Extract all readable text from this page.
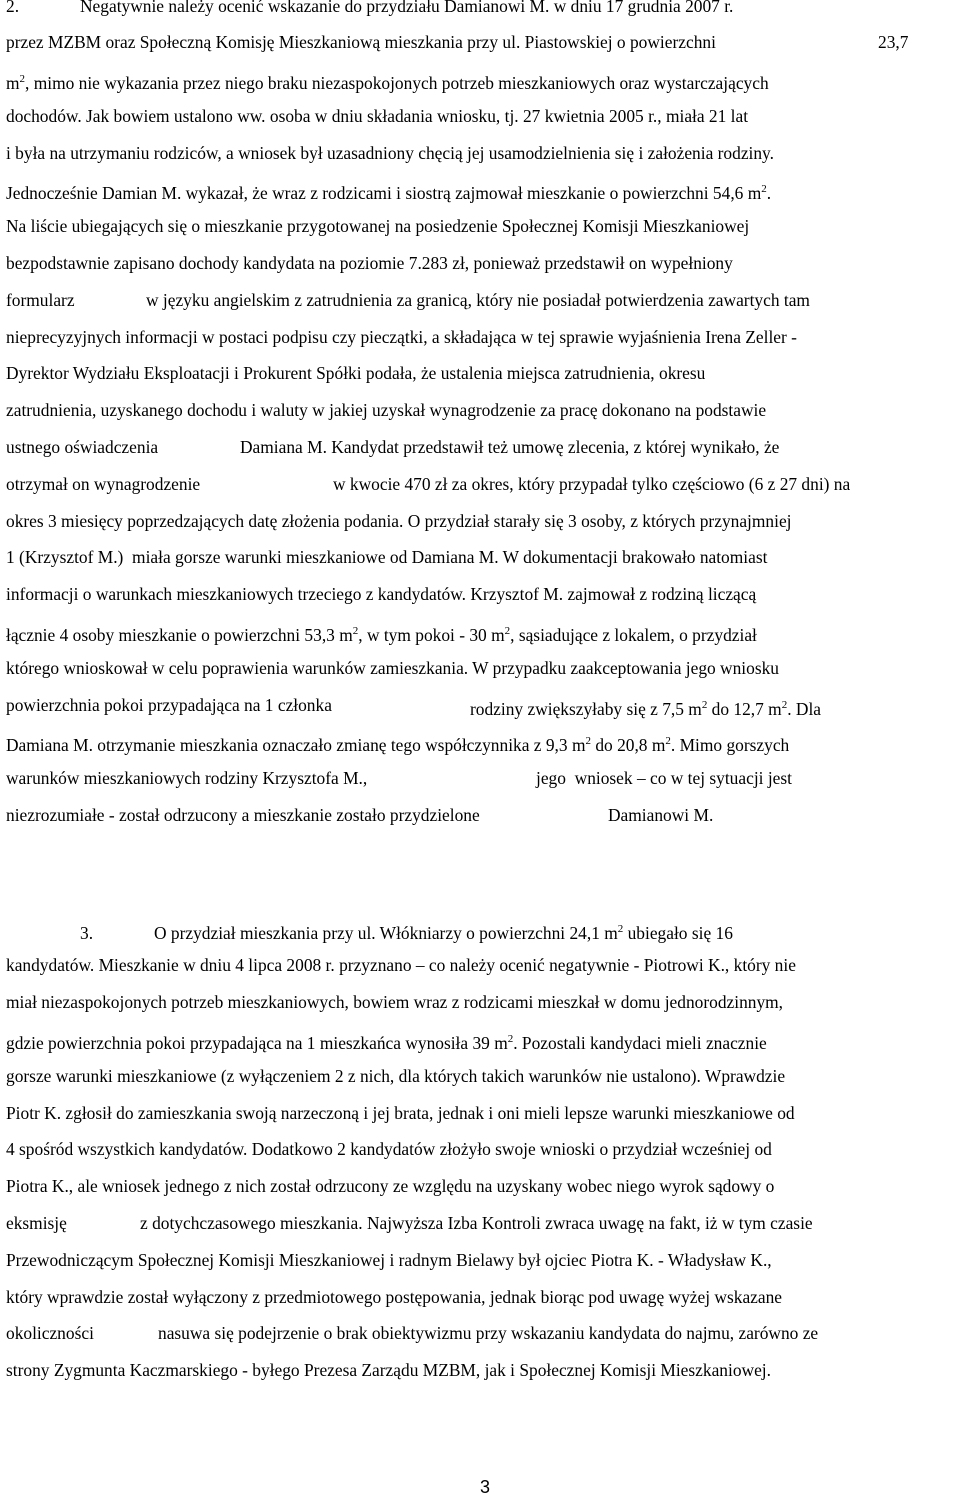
2.	Negatywnie należy ocenić wskazanie do przydziału Damianowi M. w dniu 17 grudnia 2007 r.
przez MZBM oraz Społeczną Komisję Mieszkaniową mieszkania przy ul. Piastowskiej o powierzchni	23,7
$m^2$, mimo nie wykazania przez niego braku niezaspokojonych potrzeb mieszkaniowych oraz wystarczających
dochodów. Jak bowiem ustalono ww. osoba w dniu składania wniosku, tj. 27 kwietnia 2005 r., miała 21 lat
i była na utrzymaniu rodziców, a wniosek był uzasadniony chęcią jej usamodzielnienia się i założenia rodziny.
Jednocześnie Damian M. wykazał, że wraz z rodzicami i siostrą zajmował mieszkanie o powierzchni 54,6 $m^2$.
Na liście ubiegających się o mieszkanie przygotowanej na posiedzenie Społecznej Komisji Mieszkaniowej
bezpodstawnie zapisano dochody kandydata na poziomie 7.283 zł, ponieważ przedstawił on wypełniony
formularz	w języku angielskim z zatrudnienia za granicą, który nie posiadał potwierdzenia zawartych tam
nieprecyzyjnych informacji w postaci podpisu czy pieczątki, a składająca w tej sprawie wyjaśnienia Irena Zeller -
Dyrektor Wydziału Eksploatacji i Prokurent Spółki podała, że ustalenia miejsca zatrudnienia, okresu
zatrudnienia, uzyskanego dochodu i waluty w jakiej uzyskał wynagrodzenie za pracę dokonano na podstawie
ustnego oświadczenia	Damiana M. Kandydat przedstawił też umowę zlecenia, z której wynikało, że
otrzymał on wynagrodzenie	w kwocie 470 zł za okres, który przypadał tylko częściowo (6 z 27 dni) na
okres 3 miesięcy poprzedzających datę złożenia podania. O przydział starały się 3 osoby, z których przynajmniej
1 (Krzysztof M.)  miała gorsze warunki mieszkaniowe od Damiana M. W dokumentacji brakowało natomiast
informacji o warunkach mieszkaniowych trzeciego z kandydatów. Krzysztof M. zajmował z rodziną liczącą
łącznie 4 osoby mieszkanie o powierzchni 53,3 $m^2$, w tym pokoi - 30 $m^2$, sąsiadujące z lokalem, o przydział
którego wnioskował w celu poprawienia warunków zamieszkania. W przypadku zaakceptowania jego wniosku
powierzchnia pokoi przypadająca na 1 członka	rodziny zwiększyłaby się z 7,5 $m^2$ do 12,7 $m^2$. Dla
Damiana M. otrzymanie mieszkania oznaczało zmianę tego współczynnika z 9,3 $m^2$ do 20,8 $m^2$. Mimo gorszych
warunków mieszkaniowych rodziny Krzysztofa M.,	jego  wniosek – co w tej sytuacji jest
niezrozumiałe - został odrzucony a mieszkanie zostało przydzielone	Damianowi M.
3.	O przydział mieszkania przy ul. Włókniarzy o powierzchni 24,1 $m^2$ ubiegało się 16
kandydatów. Mieszkanie w dniu 4 lipca 2008 r. przyznano – co należy ocenić negatywnie - Piotrowi K., który nie
miał niezaspokojonych potrzeb mieszkaniowych, bowiem wraz z rodzicami mieszkał w domu jednorodzinnym,
gdzie powierzchnia pokoi przypadająca na 1 mieszkańca wynosiła 39 $m^2$. Pozostali kandydaci mieli znacznie
gorsze warunki mieszkaniowe (z wyłączeniem 2 z nich, dla których takich warunków nie ustalono). Wprawdzie
Piotr K. zgłosił do zamieszkania swoją narzeczoną i jej brata, jednak i oni mieli lepsze warunki mieszkaniowe od
4 spośród wszystkich kandydatów. Dodatkowo 2 kandydatów złożyło swoje wnioski o przydział wcześniej od
Piotra K., ale wniosek jednego z nich został odrzucony ze względu na uzyskany wobec niego wyrok sądowy o
eksmisję	z dotychczasowego mieszkania. Najwyższa Izba Kontroli zwraca uwagę na fakt, iż w tym czasie
Przewodniczącym Społecznej Komisji Mieszkaniowej i radnym Bielawy był ojciec Piotra K. - Władysław K.,
który wprawdzie został wyłączony z przedmiotowego postępowania, jednak biorąc pod uwagę wyżej wskazane
okoliczności	nasuwa się podejrzenie o brak obiektywizmu przy wskazaniu kandydata do najmu, zarówno ze
strony Zygmunta Kaczmarskiego - byłego Prezesa Zarządu MZBM, jak i Społecznej Komisji Mieszkaniowej.
3
